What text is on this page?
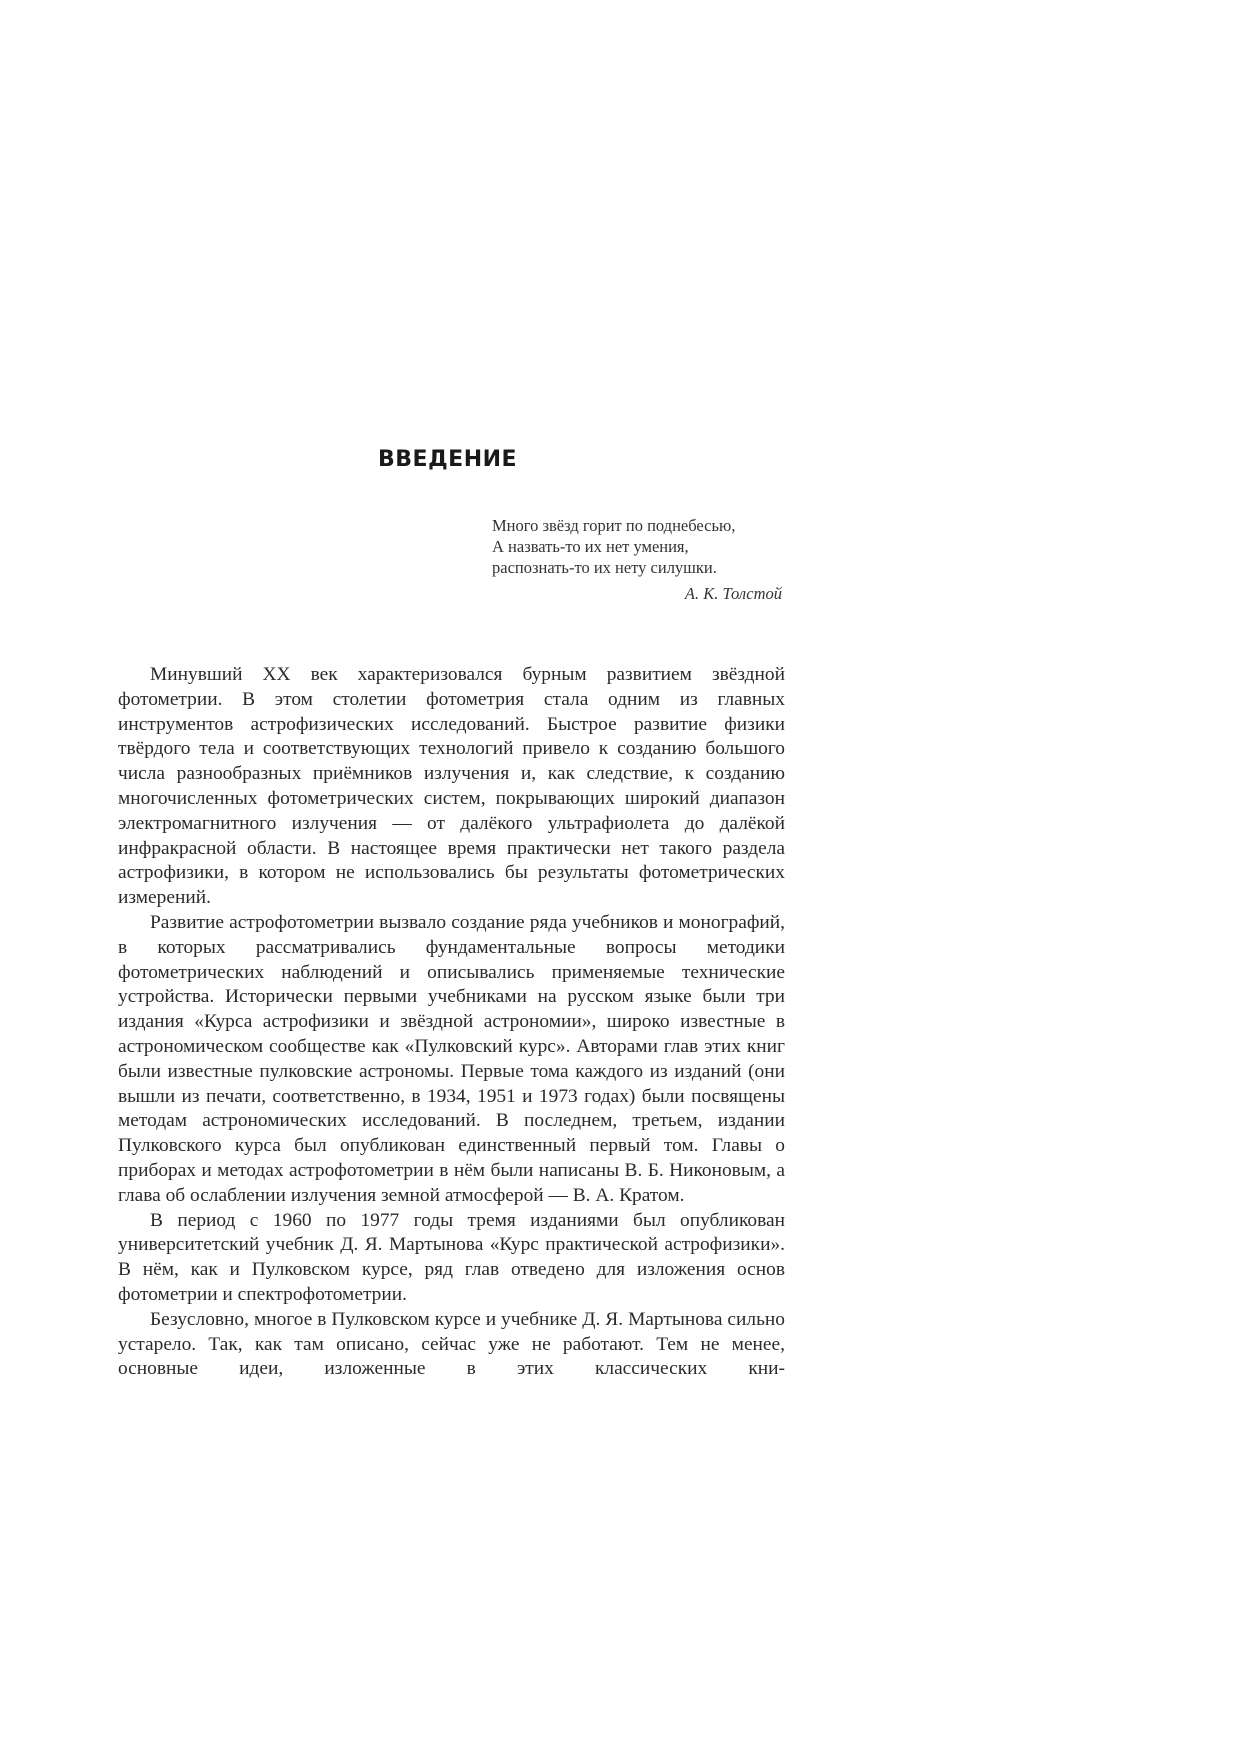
ВВЕДЕНИЕ
Много звёзд горит по поднебесью,
А назвать-то их нет умения,
распознать-то их нету силушки.
А. К. Толстой

Минувший XX век характеризовался бурным развитием звёздной фотометрии. В этом столетии фотометрия стала одним из главных инструментов астрофизических исследований. Быстрое развитие физики твёрдого тела и соответствующих технологий привело к созданию большого числа разнообразных приёмников излучения и, как следствие, к созданию многочисленных фотометрических систем, покрывающих широкий диапазон электромагнитного излучения — от далёкого ультрафиолета до далёкой инфракрасной области. В настоящее время практически нет такого раздела астрофизики, в котором не использовались бы результаты фотометрических измерений.

Развитие астрофотометрии вызвало создание ряда учебников и монографий, в которых рассматривались фундаментальные вопросы методики фотометрических наблюдений и описывались применяемые технические устройства. Исторически первыми учебниками на русском языке были три издания «Курса астрофизики и звёздной астрономии», широко известные в астрономическом сообществе как «Пулковский курс». Авторами глав этих книг были известные пулковские астрономы. Первые тома каждого из изданий (они вышли из печати, соответственно, в 1934, 1951 и 1973 годах) были посвящены методам астрономических исследований. В последнем, третьем, издании Пулковского курса был опубликован единственный первый том. Главы о приборах и методах астрофотометрии в нём были написаны В. Б. Никоновым, а глава об ослаблении излучения земной атмосферой — В. А. Кратом.

В период с 1960 по 1977 годы тремя изданиями был опубликован университетский учебник Д. Я. Мартынова «Курс практической астрофизики». В нём, как и Пулковском курсе, ряд глав отведено для изложения основ фотометрии и спектрофотометрии.

Безусловно, многое в Пулковском курсе и учебнике Д. Я. Мартынова сильно устарело. Так, как там описано, сейчас уже не работают. Тем не менее, основные идеи, изложенные в этих классических кни-
